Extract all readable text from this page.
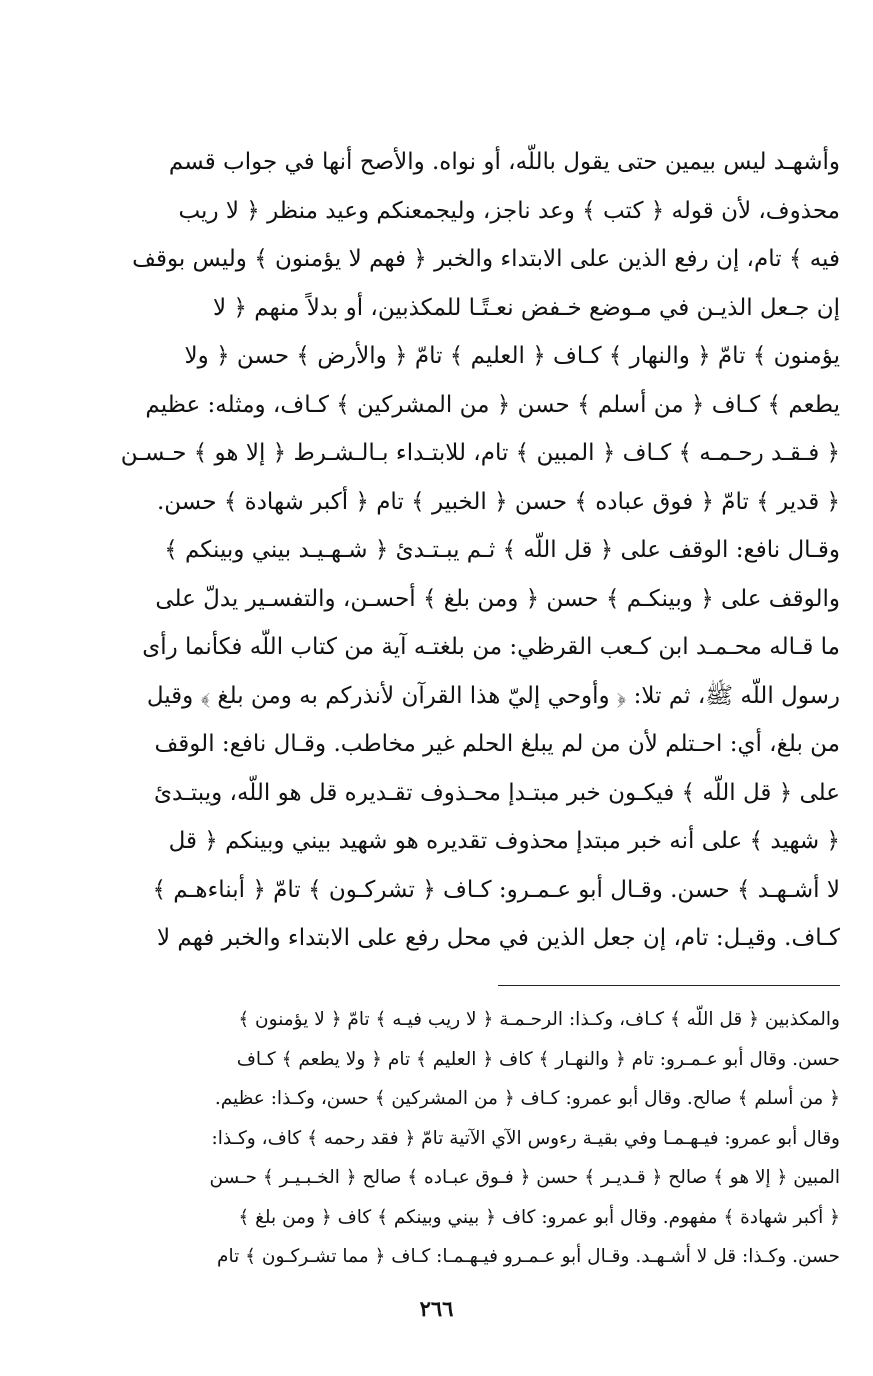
وأشهـد ليس بيمين حتى يقول باللّه، أو نواه. والأصح أنها في جواب قسم
محذوف، لأن قوله ﴿ كتب ﴾ وعد ناجز، وليجمعنكم وعيد منظر ﴿ لا ريب
فيه ﴾ تام، إن رفع الذين على الابتداء والخبر ﴿ فهم لا يؤمنون ﴾ وليس بوقف
إن جـعل الذيـن في مـوضع خـفض نعـتًـا للمكذبين، أو بدلاً منهم ﴿ لا
يؤمنون ﴾ تامّ ﴿ والنهار ﴾ كـاف ﴿ العليم ﴾ تامّ ﴿ والأرض ﴾ حسن ﴿ ولا
يطعم ﴾ كـاف ﴿ من أسلم ﴾ حسن ﴿ من المشركين ﴾ كـاف، ومثله: عظيم
﴿ فـقـد رحـمـه ﴾ كـاف ﴿ المبين ﴾ تام، للابتـداء بـالـشـرط ﴿ إلا هو ﴾ حـسـن
﴿ قدير ﴾ تامّ ﴿ فوق عباده ﴾ حسن ﴿ الخبير ﴾ تام ﴿ أكبر شهادة ﴾ حسن.
وقـال نافع: الوقف على ﴿ قل اللّه ﴾ ثـم يبـتـدئ ﴿ شـهـيـد بيني وبينكم ﴾
والوقف على ﴿ وبينكـم ﴾ حسن ﴿ ومن بلغ ﴾ أحسـن، والتفسـير يدلّ على
ما قـاله محـمـد ابن كـعب القرظي: من بلغتـه آية من كتاب اللّه فكأنما رأى
رسول اللّه ﷺ، ثم تلا: ﴿ وأوحي إليّ هذا القرآن لأنذركم به ومن بلغ ﴾ وقيل
من بلغ، أي: احـتلم لأن من لم يبلغ الحلم غير مخاطب. وقـال نافع: الوقف
على ﴿ قل اللّه ﴾ فيكـون خبر مبتـدإ محـذوف تقـديره قل هو اللّه، ويبتـدئ
﴿ شهيد ﴾ على أنه خبر مبتدإ محذوف تقديره هو شهيد بيني وبينكم ﴿ قل
لا أشـهـد ﴾ حسن. وقـال أبو عـمـرو: كـاف ﴿ تشركـون ﴾ تامّ ﴿ أبناءهـم ﴾
كـاف. وقيـل: تام، إن جعل الذين في محل رفع على الابتداء والخبر فهم لا
والمكذبين ﴿ قل اللّه ﴾ كـاف، وكـذا: الرحـمـة ﴿ لا ريب فيـه ﴾ تامّ ﴿ لا يؤمنون ﴾
حسن. وقال أبو عـمـرو: تام ﴿ والنهـار ﴾ كاف ﴿ العليم ﴾ تام ﴿ ولا يطعم ﴾ كـاف
﴿ من أسلم ﴾ صالح. وقال أبو عمرو: كـاف ﴿ من المشركين ﴾ حسن، وكـذا: عظيم.
وقال أبو عمرو: فيـهـمـا وفي بقيـة رءوس الآي الآتية تامّ ﴿ فقد رحمه ﴾ كاف، وكـذا:
المبين ﴿ إلا هو ﴾ صالح ﴿ قـديـر ﴾ حسن ﴿ فـوق عبـاده ﴾ صالح ﴿ الخـبـيـر ﴾ حـسن
﴿ أكبر شهادة ﴾ مفهوم. وقال أبو عمرو: كاف ﴿ بيني وبينكم ﴾ كاف ﴿ ومن بلغ ﴾
حسن. وكـذا: قل لا أشـهـد. وقـال أبو عـمـرو فيـهـمـا: كـاف ﴿ مما تشـركـون ﴾ تام
٢٦٦
